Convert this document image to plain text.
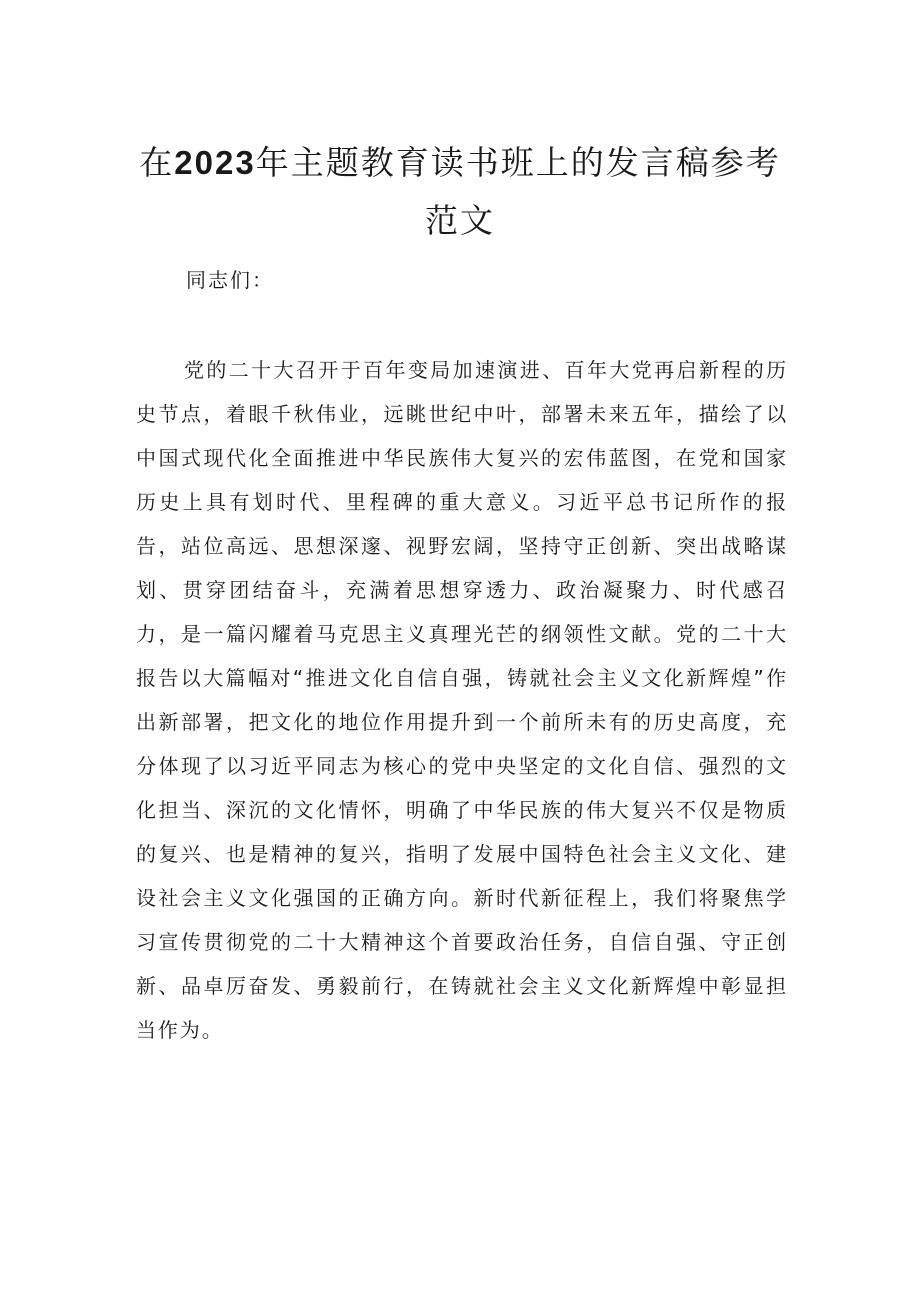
在2023年主题教育读书班上的发言稿参考范文
同志们：

党的二十大召开于百年变局加速演进、百年大党再启新程的历史节点，着眼千秋伟业，远眺世纪中叶，部署未来五年，描绘了以中国式现代化全面推进中华民族伟大复兴的宏伟蓝图，在党和国家历史上具有划时代、里程碑的重大意义。习近平总书记所作的报告，站位高远、思想深邃、视野宏阔，坚持守正创新、突出战略谋划、贯穿团结奋斗，充满着思想穿透力、政治凝聚力、时代感召力，是一篇闪耀着马克思主义真理光芒的纲领性文献。党的二十大报告以大篇幅对“推进文化自信自强，铸就社会主义文化新辉煌”作出新部署，把文化的地位作用提升到一个前所未有的历史高度，充分体现了以习近平同志为核心的党中央坚定的文化自信、强烈的文化担当、深沉的文化情怀，明确了中华民族的伟大复兴不仅是物质的复兴、也是精神的复兴，指明了发展中国特色社会主义文化、建设社会主义文化强国的正确方向。新时代新征程上，我们将聚焦学习宣传贯彻党的二十大精神这个首要政治任务，自信自强、守正创新、品卓厉奋发、勇毅前行，在铸就社会主义文化新辉煌中彰显担当作为。
